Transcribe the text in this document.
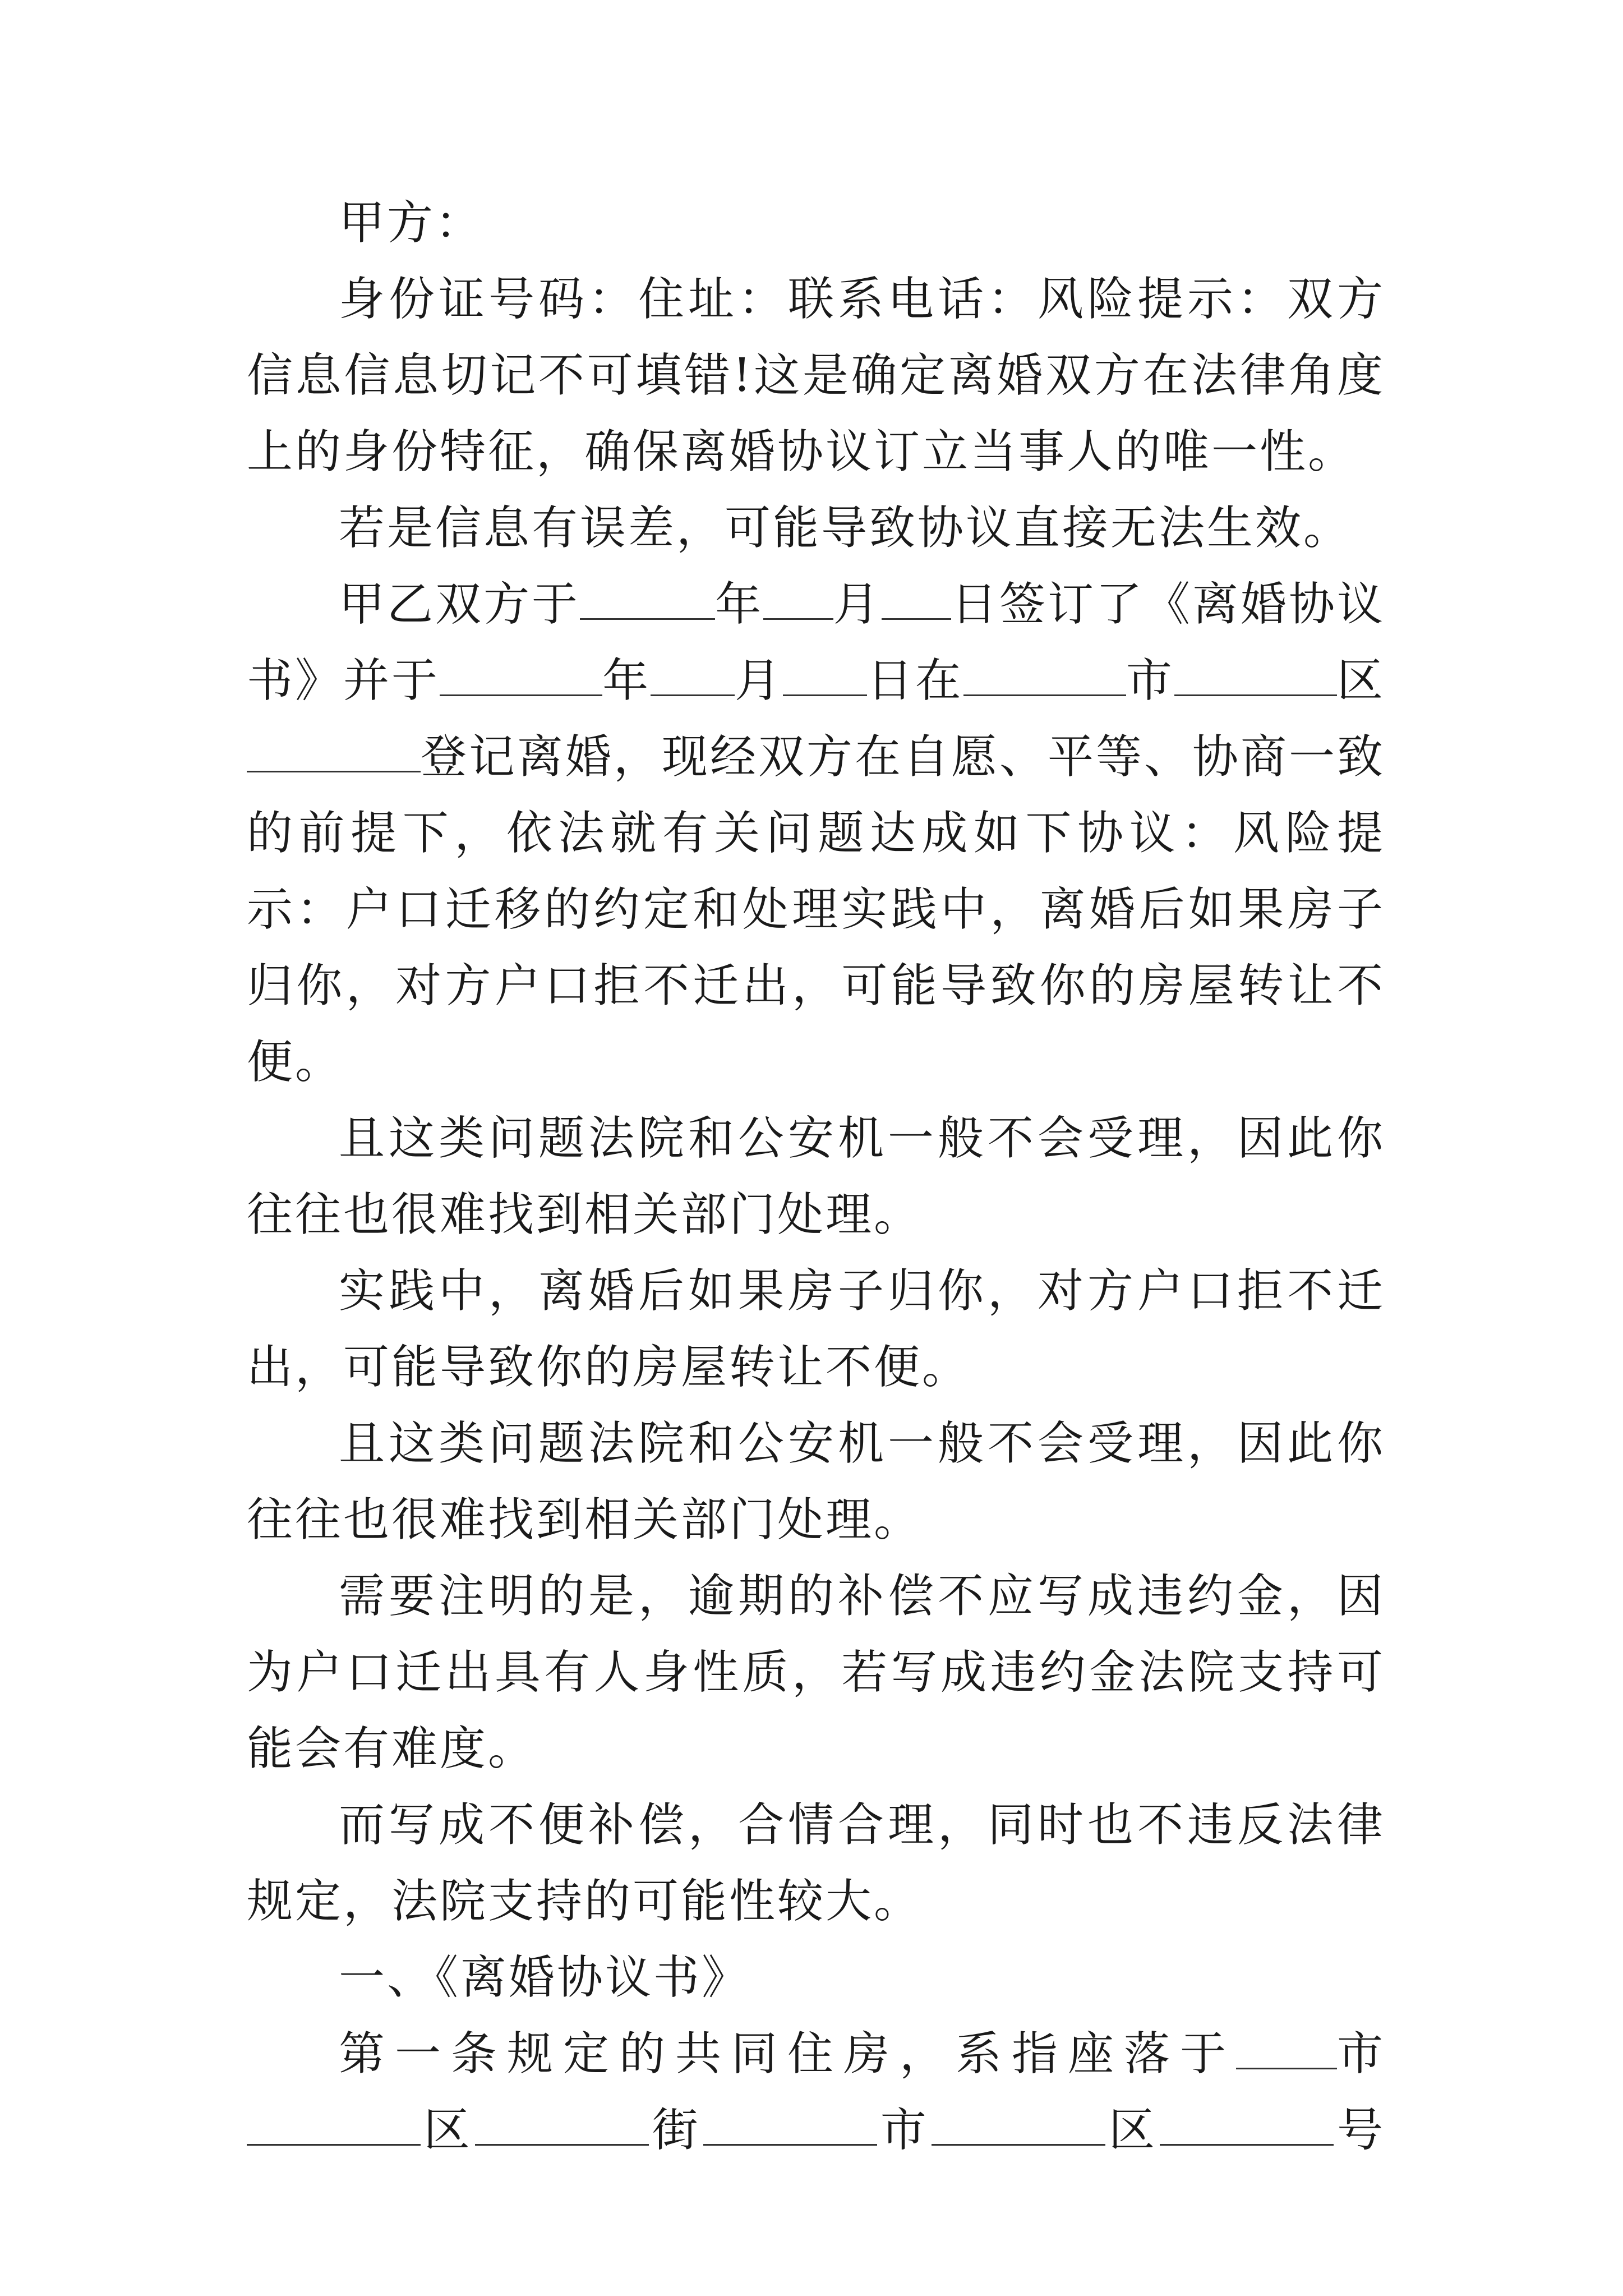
甲方：

身份证号码：住址：联系电话：风险提示：双方信息信息切记不可填错!这是确定离婚双方在法律角度上的身份特征，确保离婚协议订立当事人的唯一性。

若是信息有误差，可能导致协议直接无法生效。

甲乙双方于	年 月 日签订了《离婚协议
书》并于	年 月 日在	市	区

登记离婚，现经双方在自愿、平等、协商一致的前提下，依法就有关问题达成如下协议：风险提示：户口迁移的约定和处理实践中，离婚后如果房子归你，对方户口拒不迁出，可能导致你的房屋转让不便。

且这类问题法院和公安机一般不会受理，因此你往往也很难找到相关部门处理。

实践中，离婚后如果房子归你，对方户口拒不迁出，可能导致你的房屋转让不便。

且这类问题法院和公安机一般不会受理，因此你往往也很难找到相关部门处理。

需要注明的是，逾期的补偿不应写成违约金，因为户口迁出具有人身性质，若写成违约金法院支持可能会有难度。

而写成不便补偿，合情合理，同时也不违反法律规定，法院支持的可能性较大。

一、《离婚协议书》

第一条规定的共同住房，系指座落于 市
区	街	市	区	号
